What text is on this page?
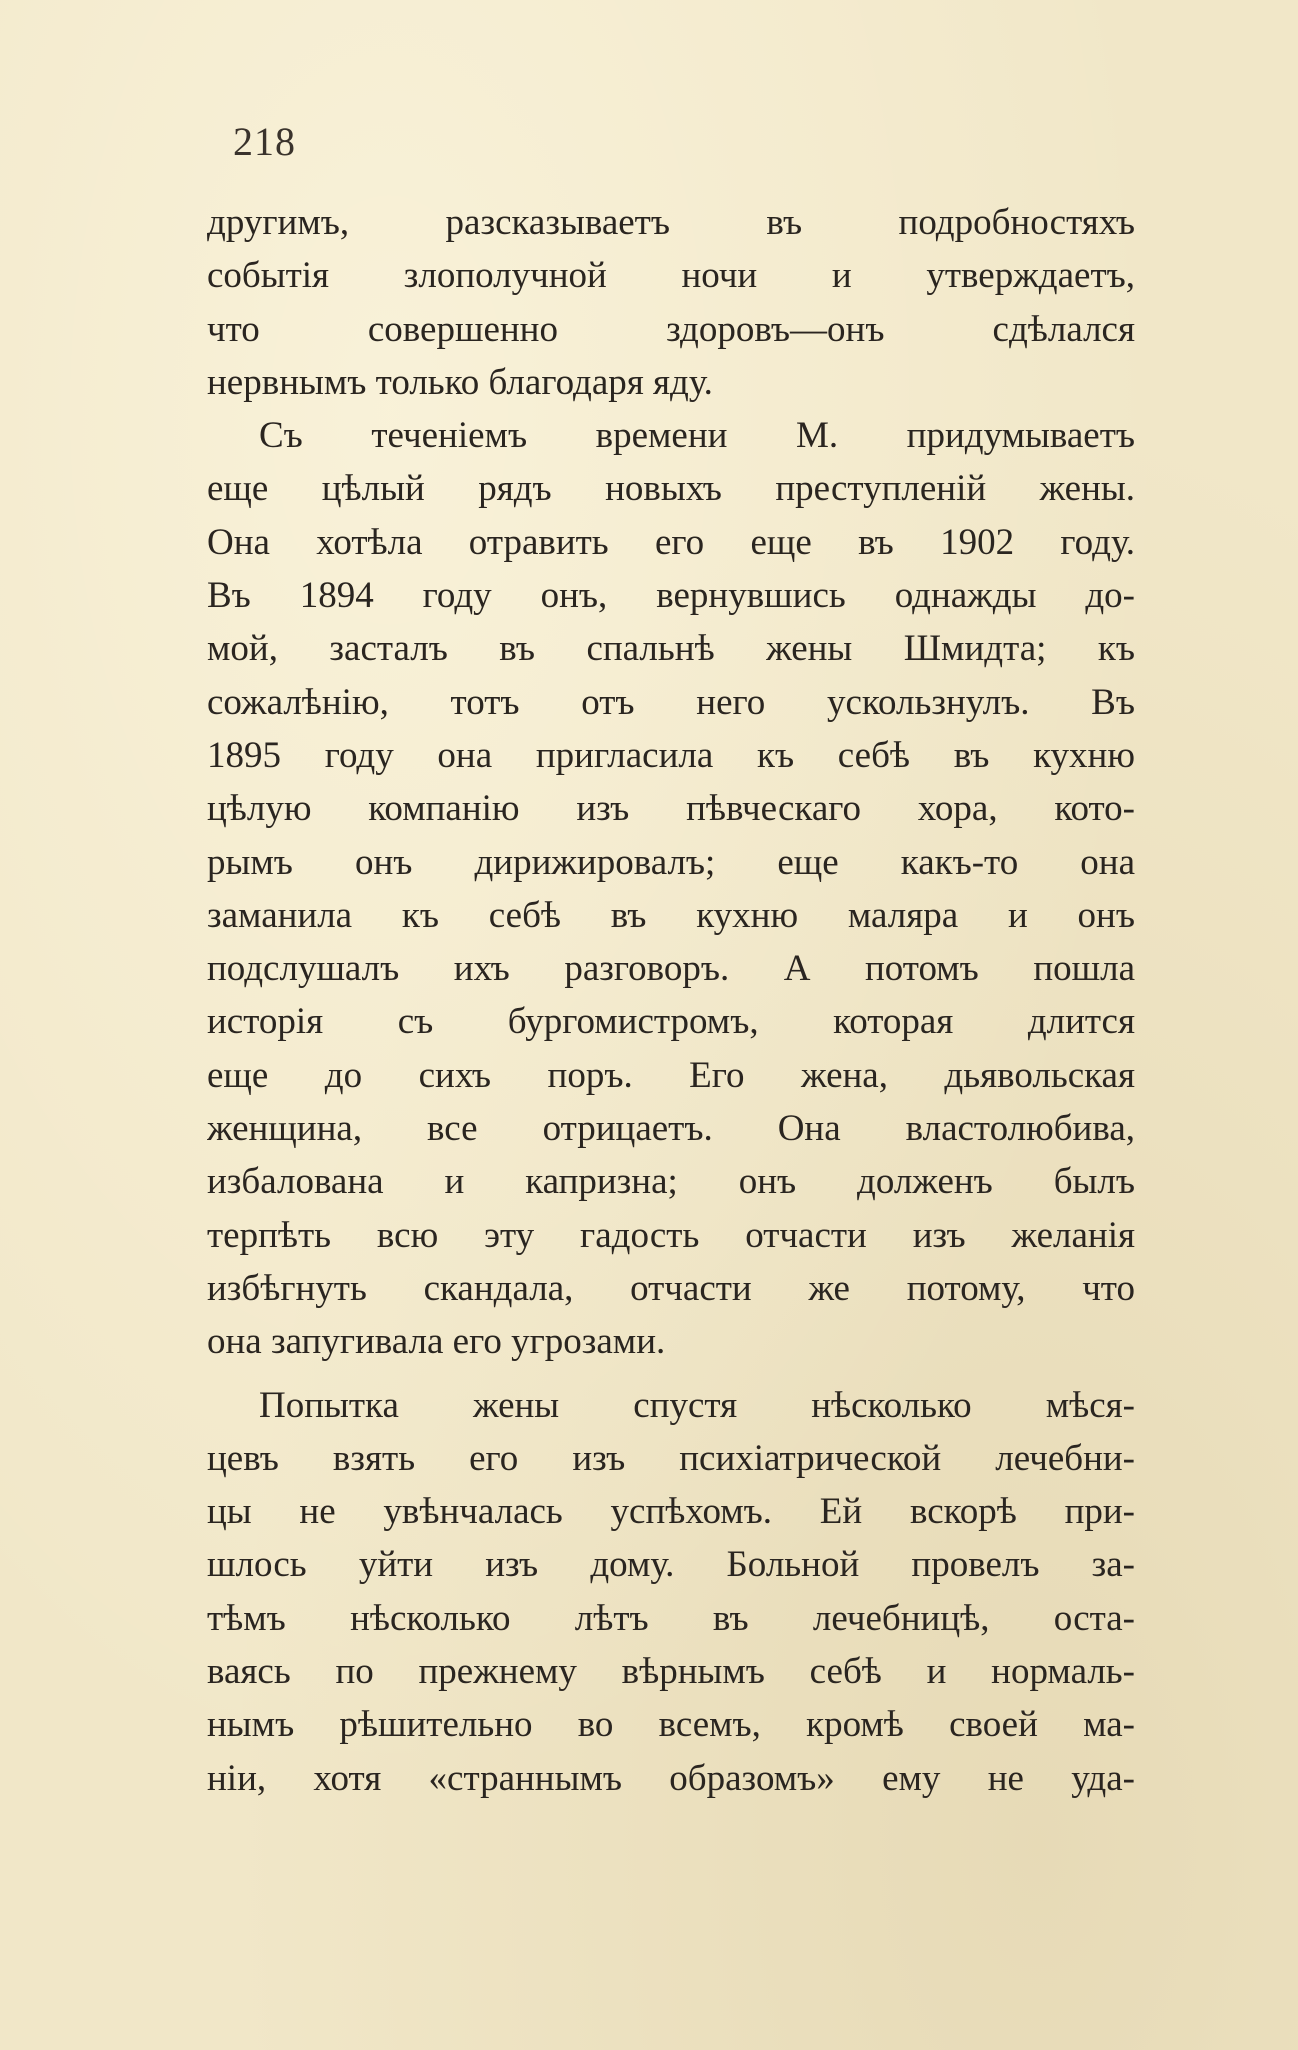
218
другимъ, разсказываетъ въ подробностяхъ
событія злополучной ночи и утверждаетъ,
что совершенно здоровъ—онъ сдѣлался
нервнымъ только благодаря яду.
Съ теченіемъ времени М. придумываетъ
еще цѣлый рядъ новыхъ преступленій жены.
Она хотѣла отравить его еще въ 1902 году.
Въ 1894 году онъ, вернувшись однажды до-
мой, засталъ въ спальнѣ жены Шмидта; къ
сожалѣнію, тотъ отъ него ускользнулъ. Въ
1895 году она пригласила къ себѣ въ кухню
цѣлую компанію изъ пѣвческаго хора, кото-
рымъ онъ дирижировалъ; еще какъ-то она
заманила къ себѣ въ кухню маляра и онъ
подслушалъ ихъ разговоръ. А потомъ пошла
исторія съ бургомистромъ, которая длится
еще до сихъ поръ. Его жена, дьявольская
женщина, все отрицаетъ. Она властолюбива,
избалована и капризна; онъ долженъ былъ
терпѣть всю эту гадость отчасти изъ желанія
избѣгнуть скандала, отчасти же потому, что
она запугивала его угрозами.
Попытка жены спустя нѣсколько мѣся-
цевъ взять его изъ психіатрической лечебни-
цы не увѣнчалась успѣхомъ. Ей вскорѣ при-
шлось уйти изъ дому. Больной провелъ за-
тѣмъ нѣсколько лѣтъ въ лечебницѣ, оста-
ваясь по прежнему вѣрнымъ себѣ и нормаль-
нымъ рѣшительно во всемъ, кромѣ своей ма-
ніи, хотя «страннымъ образомъ» ему не уда-
